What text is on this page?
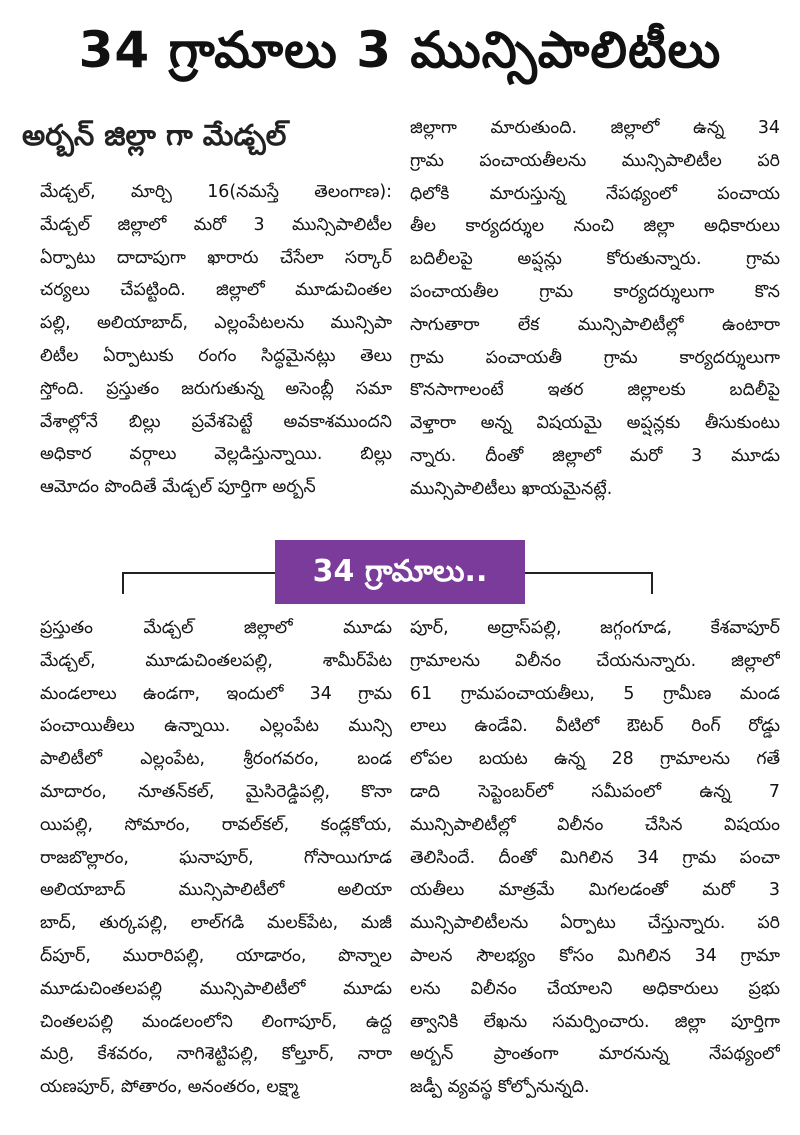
34 గ్రామాలు 3 మున్సిపాలిటీలు
అర్బన్ జిల్లా గా మేడ్చల్
మేడ్చల్, మార్చి 16(నమస్తే తెలంగాణ):
మేడ్చల్ జిల్లాలో మరో 3 మున్సిపాలిటీల
ఏర్పాటు దాదాపుగా ఖారారు చేసేలా సర్కార్
చర్యలు చేపట్టింది. జిల్లాలో మూడుచింతల
పల్లి, అలియాబాద్, ఎల్లంపేటలను మున్సిపా
లిటీల ఏర్పాటుకు రంగం సిద్ధమైనట్లు తెలు
స్తోంది. ప్రస్తుతం జరుగుతున్న అసెంబ్లీ సమా
వేశాల్లోనే బిల్లు ప్రవేశపెట్టే అవకాశముందని
అధికార వర్గాలు వెల్లడిస్తున్నాయి. బిల్లు
ఆమోదం పొందితే మేడ్చల్ పూర్తిగా అర్బన్
జిల్లాగా మారుతుంది. జిల్లాలో ఉన్న 34
గ్రామ పంచాయతీలను మున్సిపాలిటీల పరి
ధిలోకి మారుస్తున్న నేపథ్యంలో పంచాయ
తీల కార్యదర్శుల నుంచి జిల్లా అధికారులు
బదిలీలపై అప్షన్లు కోరుతున్నారు. గ్రామ
పంచాయతీల గ్రామ కార్యదర్శులుగా కొన
సాగుతారా లేక మున్సిపాలిటీల్లో ఉంటారా
గ్రామ పంచాయతీ గ్రామ కార్యదర్శులుగా
కొనసాగాలంటే ఇతర జిల్లాలకు బదిలీపై
వెళ్తారా అన్న విషయమై అప్షన్లకు తీసుకుంటు
న్నారు. దీంతో జిల్లాలో మరో 3 మూడు
మున్సిపాలిటీలు ఖాయమైనట్లే.
34 గ్రామాలు..
ప్రస్తుతం మేడ్చల్ జిల్లాలో మూడు
మేడ్చల్, మూడుచింతలపల్లి, శామీర్‌పేట
మండలాలు ఉండగా, ఇందులో 34 గ్రామ
పంచాయితీలు ఉన్నాయి. ఎల్లంపేట మున్సి
పాలిటీలో ఎల్లంపేట, శ్రీరంగవరం, బండ
మాదారం, నూతన్‌కల్, మైసిరెడ్డిపల్లి, కొనా
యిపల్లి, సోమారం, రావల్‌కల్, కండ్లకోయ,
రాజబొల్లారం, ఘనాపూర్, గోసాయిగూడ
అలియాబాద్ మున్సిపాలిటీలో అలియా
బాద్, తుర్కపల్లి, లాల్‌గడి మలక్‌పేట, మజీ
ద్‌పూర్, మురారిపల్లి, యాడారం, పొన్నాల
మూడుచింతలపల్లి మున్సిపాలిటీలో మూడు
చింతలపల్లి మండలంలోని లింగాపూర్, ఉద్ద
మర్రి, కేశవరం, నాగిశెట్టిపల్లి, కోల్తూర్, నారా
యణపూర్, పోతారం, అనంతరం, లక్ష్మా
పూర్, అద్రాస్‌పల్లి, జగ్గంగూడ, కేశవాపూర్
గ్రామాలను విలీనం చేయనున్నారు. జిల్లాలో
61 గ్రామపంచాయతీలు, 5 గ్రామీణ మండ
లాలు ఉండేవి. వీటిలో ఔటర్ రింగ్ రోడ్డు
లోపల బయట ఉన్న 28 గ్రామాలను గతే
డాది సెప్టెంబర్‌లో సమీపంలో ఉన్న 7
మున్సిపాలిటీల్లో విలీనం చేసిన విషయం
తెలిసిందే. దీంతో మిగిలిన 34 గ్రామ పంచా
యతీలు మాత్రమే మిగలడంతో మరో 3
మున్సిపాలిటీలను ఏర్పాటు చేస్తున్నారు. పరి
పాలన సౌలభ్యం కోసం మిగిలిన 34 గ్రామా
లను విలీనం చేయాలని అధికారులు ప్రభు
త్వానికి లేఖను సమర్పించారు. జిల్లా పూర్తిగా
అర్బన్ ప్రాంతంగా మారనున్న నేపథ్యంలో
జడ్పీ వ్యవస్థ కోల్పోనున్నది.
